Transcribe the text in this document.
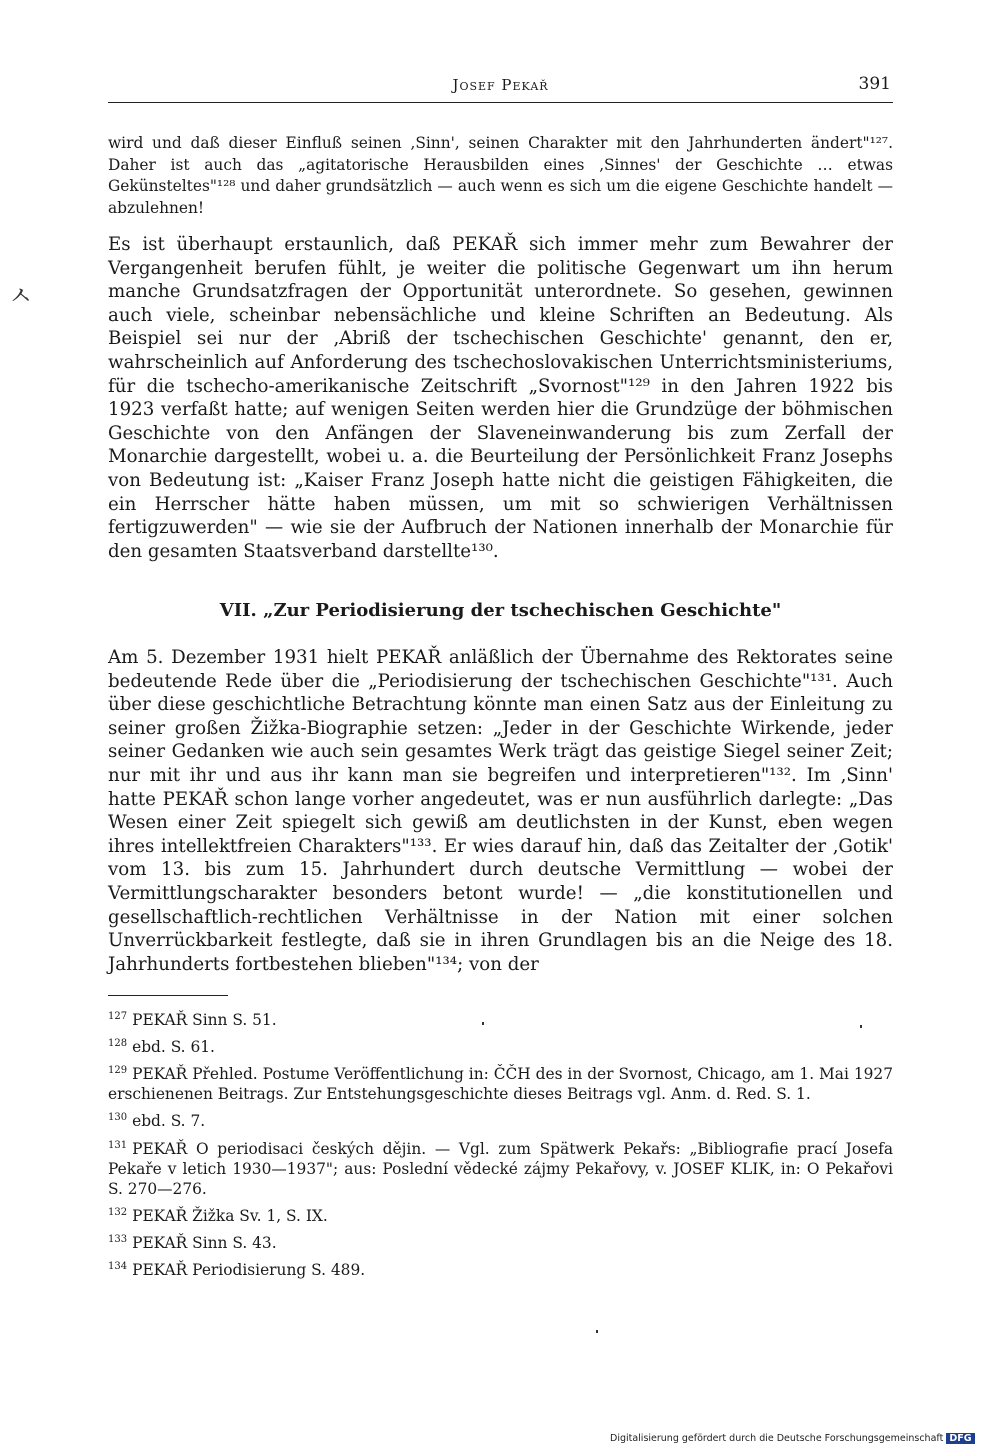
Josef Pekař	391
ㅅ

wird und daß dieser Einfluß seinen ‚Sinn', seinen Charakter mit den Jahrhunderten ändert"¹²⁷. Daher ist auch das „agitatorische Herausbilden eines ‚Sinnes' der Geschichte … etwas Gekünsteltes"¹²⁸ und daher grundsätzlich — auch wenn es sich um die eigene Geschichte handelt — abzulehnen!

Es ist überhaupt erstaunlich, daß PEKAŘ sich immer mehr zum Bewahrer der Vergangenheit berufen fühlt, je weiter die politische Gegenwart um ihn herum manche Grundsatzfragen der Opportunität unterordnete. So gesehen, gewinnen auch viele, scheinbar nebensächliche und kleine Schriften an Bedeutung. Als Beispiel sei nur der ‚Abriß der tschechischen Geschichte' genannt, den er, wahrscheinlich auf Anforderung des tschechoslovakischen Unterrichtsministeriums, für die tschecho-amerikanische Zeitschrift „Svornost"¹²⁹ in den Jahren 1922 bis 1923 verfaßt hatte; auf wenigen Seiten werden hier die Grundzüge der böhmischen Geschichte von den Anfängen der Slaveneinwanderung bis zum Zerfall der Monarchie dargestellt, wobei u. a. die Beurteilung der Persönlichkeit Franz Josephs von Bedeutung ist: „Kaiser Franz Joseph hatte nicht die geistigen Fähigkeiten, die ein Herrscher hätte haben müssen, um mit so schwierigen Verhältnissen fertigzuwerden" — wie sie der Aufbruch der Nationen innerhalb der Monarchie für den gesamten Staatsverband darstellte¹³⁰.

VII. „Zur Periodisierung der tschechischen Geschichte"

Am 5. Dezember 1931 hielt PEKAŘ anläßlich der Übernahme des Rektorates seine bedeutende Rede über die „Periodisierung der tschechischen Geschichte"¹³¹. Auch über diese geschichtliche Betrachtung könnte man einen Satz aus der Einleitung zu seiner großen Žižka-Biographie setzen: „Jeder in der Geschichte Wirkende, jeder seiner Gedanken wie auch sein gesamtes Werk trägt das geistige Siegel seiner Zeit; nur mit ihr und aus ihr kann man sie begreifen und interpretieren"¹³². Im ‚Sinn' hatte PEKAŘ schon lange vorher angedeutet, was er nun ausführlich darlegte: „Das Wesen einer Zeit spiegelt sich gewiß am deutlichsten in der Kunst, eben wegen ihres intellektfreien Charakters"¹³³. Er wies darauf hin, daß das Zeitalter der ‚Gotik' vom 13. bis zum 15. Jahrhundert durch deutsche Vermittlung — wobei der Vermittlungscharakter besonders betont wurde! — „die konstitutionellen und gesellschaftlich-rechtlichen Verhältnisse in der Nation mit einer solchen Unverrückbarkeit festlegte, daß sie in ihren Grundlagen bis an die Neige des 18. Jahrhunderts fortbestehen blieben"¹³⁴; von der

$^{127}$ PEKAŘ Sinn S. 51.

$^{128}$ ebd. S. 61.

$^{129}$ PEKAŘ Přehled. Postume Veröffentlichung in: ČČH des in der Svornost, Chicago, am 1. Mai 1927 erschienenen Beitrags. Zur Entstehungsgeschichte dieses Beitrags vgl. Anm. d. Red. S. 1.

$^{130}$ ebd. S. 7.

$^{131}$ PEKAŘ O periodisaci českých dějin. — Vgl. zum Spätwerk Pekařs: „Bibliografie prací Josefa Pekaře v letich 1930—1937"; aus: Poslední vědecké zájmy Pekařovy, v. JOSEF KLIK, in: O Pekařovi S. 270—276.

$^{132}$ PEKAŘ Žižka Sv. 1, S. IX.

$^{133}$ PEKAŘ Sinn S. 43.

$^{134}$ PEKAŘ Periodisierung S. 489.

Digitalisierung gefördert durch die Deutsche Forschungsgemeinschaft DFG
